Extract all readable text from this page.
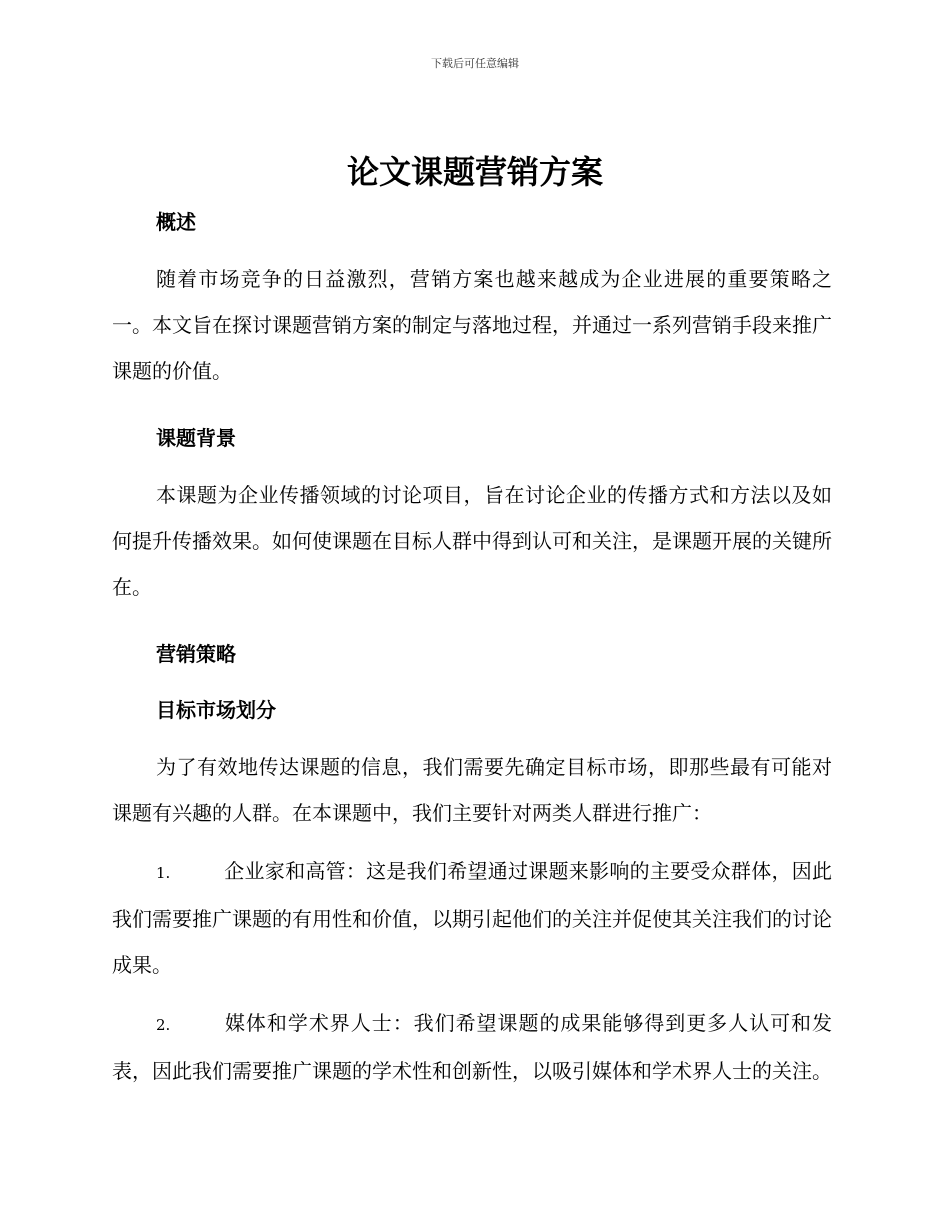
下载后可任意编辑
论文课题营销方案

概述

随着市场竞争的日益激烈，营销方案也越来越成为企业进展的重要策略之一。本文旨在探讨课题营销方案的制定与落地过程，并通过一系列营销手段来推广课题的价值。

课题背景

本课题为企业传播领域的讨论项目，旨在讨论企业的传播方式和方法以及如何提升传播效果。如何使课题在目标人群中得到认可和关注，是课题开展的关键所在。

营销策略

目标市场划分

为了有效地传达课题的信息，我们需要先确定目标市场，即那些最有可能对课题有兴趣的人群。在本课题中，我们主要针对两类人群进行推广：

1.	企业家和高管：这是我们希望通过课题来影响的主要受众群体，因此我们需要推广课题的有用性和价值，以期引起他们的关注并促使其关注我们的讨论成果。

2.	媒体和学术界人士：我们希望课题的成果能够得到更多人认可和发表，因此我们需要推广课题的学术性和创新性，以吸引媒体和学术界人士的关注。
